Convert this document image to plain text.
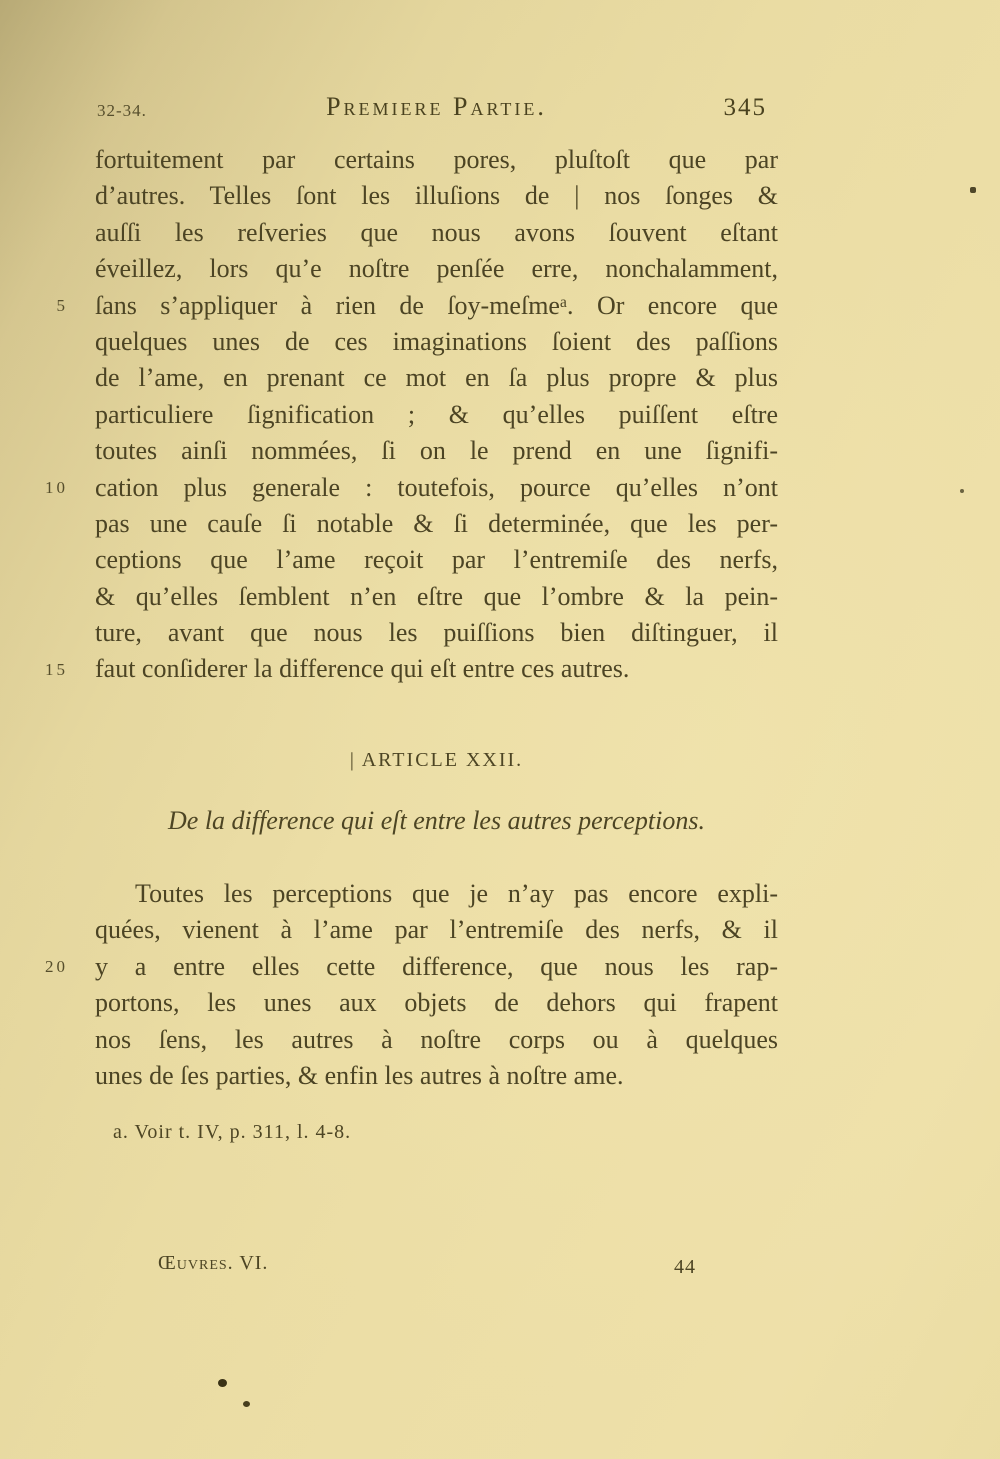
32-34.	Premiere Partie.	345
5
10
15
20
fortuitement par certains pores, pluſtoſt que par
d’autres. Telles ſont les illuſions de | nos ſonges &
auſſi les reſveries que nous avons ſouvent eſtant
éveillez, lors qu’e noſtre penſée erre, nonchalamment,
ſans s’appliquer à rien de ſoy-meſmeᵃ. Or encore que
quelques unes de ces imaginations ſoient des paſſions
de l’ame, en prenant ce mot en ſa plus propre & plus
particuliere ſignification ; & qu’elles puiſſent eſtre
toutes ainſi nommées, ſi on le prend en une ſignifi-
cation plus generale : toutefois, pource qu’elles n’ont
pas une cauſe ſi notable & ſi determinée, que les per-
ceptions que l’ame reçoit par l’entremiſe des nerfs,
& qu’elles ſemblent n’en eſtre que l’ombre & la pein-
ture, avant que nous les puiſſions bien diſtinguer, il
faut conſiderer la difference qui eſt entre ces autres.
| ARTICLE XXII.
De la difference qui eſt entre les autres perceptions.
Toutes les perceptions que je n’ay pas encore expli-
quées, vienent à l’ame par l’entremiſe des nerfs, & il
y a entre elles cette difference, que nous les rap-
portons, les unes aux objets de dehors qui frapent
nos ſens, les autres à noſtre corps ou à quelques
unes de ſes parties, & enfin les autres à noſtre ame.
a. Voir t. IV, p. 311, l. 4-8.
Œuvres. VI.	44
